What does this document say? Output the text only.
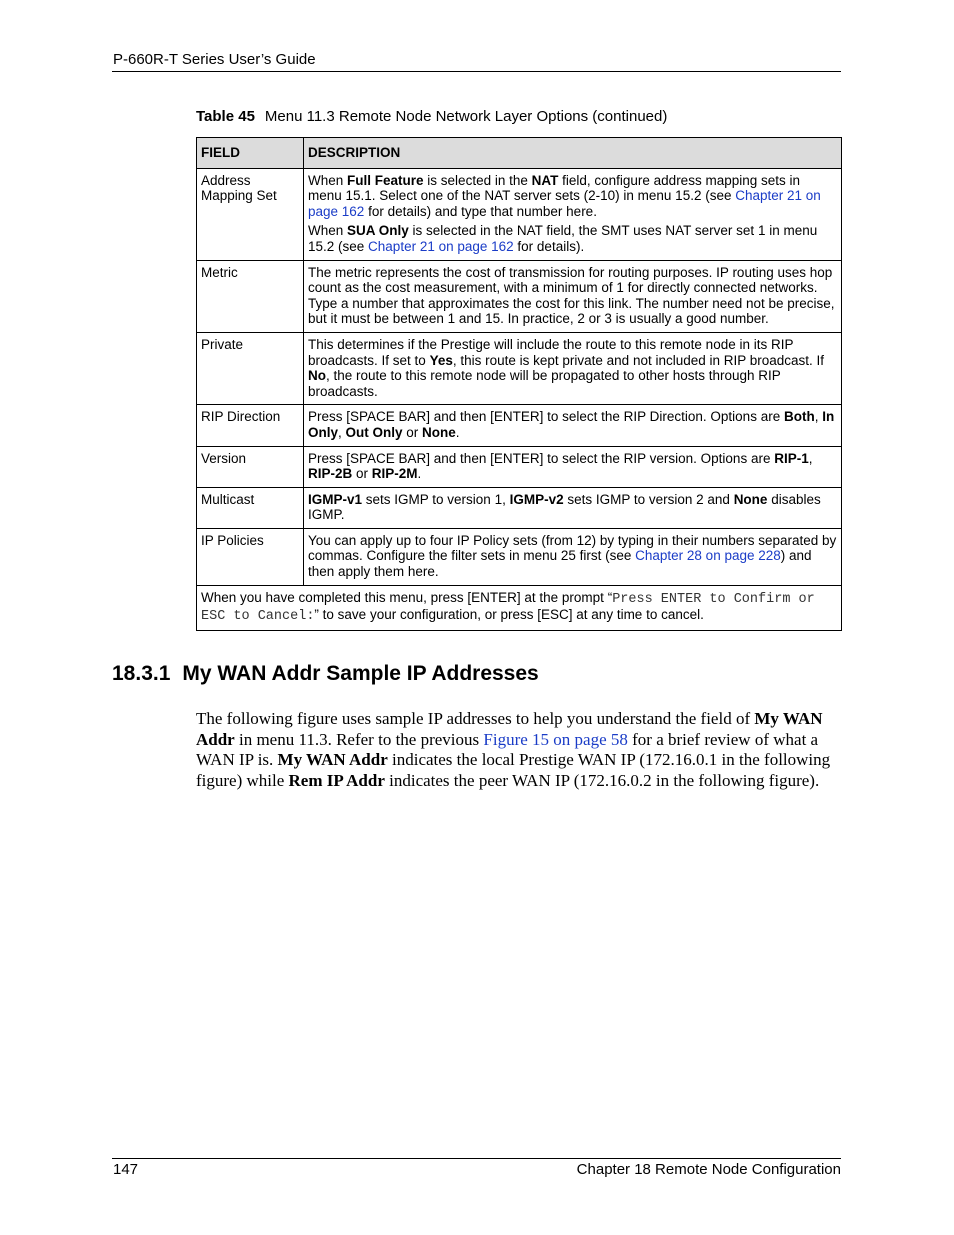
P-660R-T Series User’s Guide
Table 45 Menu 11.3 Remote Node Network Layer Options (continued)
FIELD	DESCRIPTION
Address Mapping Set	When Full Feature is selected in the NAT field, configure address mapping sets in menu 15.1. Select one of the NAT server sets (2-10) in menu 15.2 (see Chapter 21 on page 162 for details) and type that number here.

When SUA Only is selected in the NAT field, the SMT uses NAT server set 1 in menu 15.2 (see Chapter 21 on page 162 for details).

Metric	The metric represents the cost of transmission for routing purposes. IP routing uses hop count as the cost measurement, with a minimum of 1 for directly connected networks. Type a number that approximates the cost for this link. The number need not be precise, but it must be between 1 and 15. In practice, 2 or 3 is usually a good number.
Private	This determines if the Prestige will include the route to this remote node in its RIP broadcasts. If set to Yes, this route is kept private and not included in RIP broadcast. If No, the route to this remote node will be propagated to other hosts through RIP broadcasts.
RIP Direction	Press [SPACE BAR] and then [ENTER] to select the RIP Direction. Options are Both, In Only, Out Only or None.
Version	Press [SPACE BAR] and then [ENTER] to select the RIP version. Options are RIP-1, RIP-2B or RIP-2M.
Multicast	IGMP-v1 sets IGMP to version 1, IGMP-v2 sets IGMP to version 2 and None disables IGMP.
IP Policies	You can apply up to four IP Policy sets (from 12) by typing in their numbers separated by commas. Configure the filter sets in menu 25 first (see Chapter 28 on page 228) and then apply them here.
When you have completed this menu, press [ENTER] at the prompt “Press ENTER to Confirm or ESC to Cancel:” to save your configuration, or press [ESC] at any time to cancel.	
18.3.1 My WAN Addr Sample IP Addresses
The following figure uses sample IP addresses to help you understand the field of My WAN Addr in menu 11.3. Refer to the previous Figure 15 on page 58 for a brief review of what a WAN IP is. My WAN Addr indicates the local Prestige WAN IP (172.16.0.1 in the following figure) while Rem IP Addr indicates the peer WAN IP (172.16.0.2 in the following figure).
147	Chapter 18 Remote Node Configuration
